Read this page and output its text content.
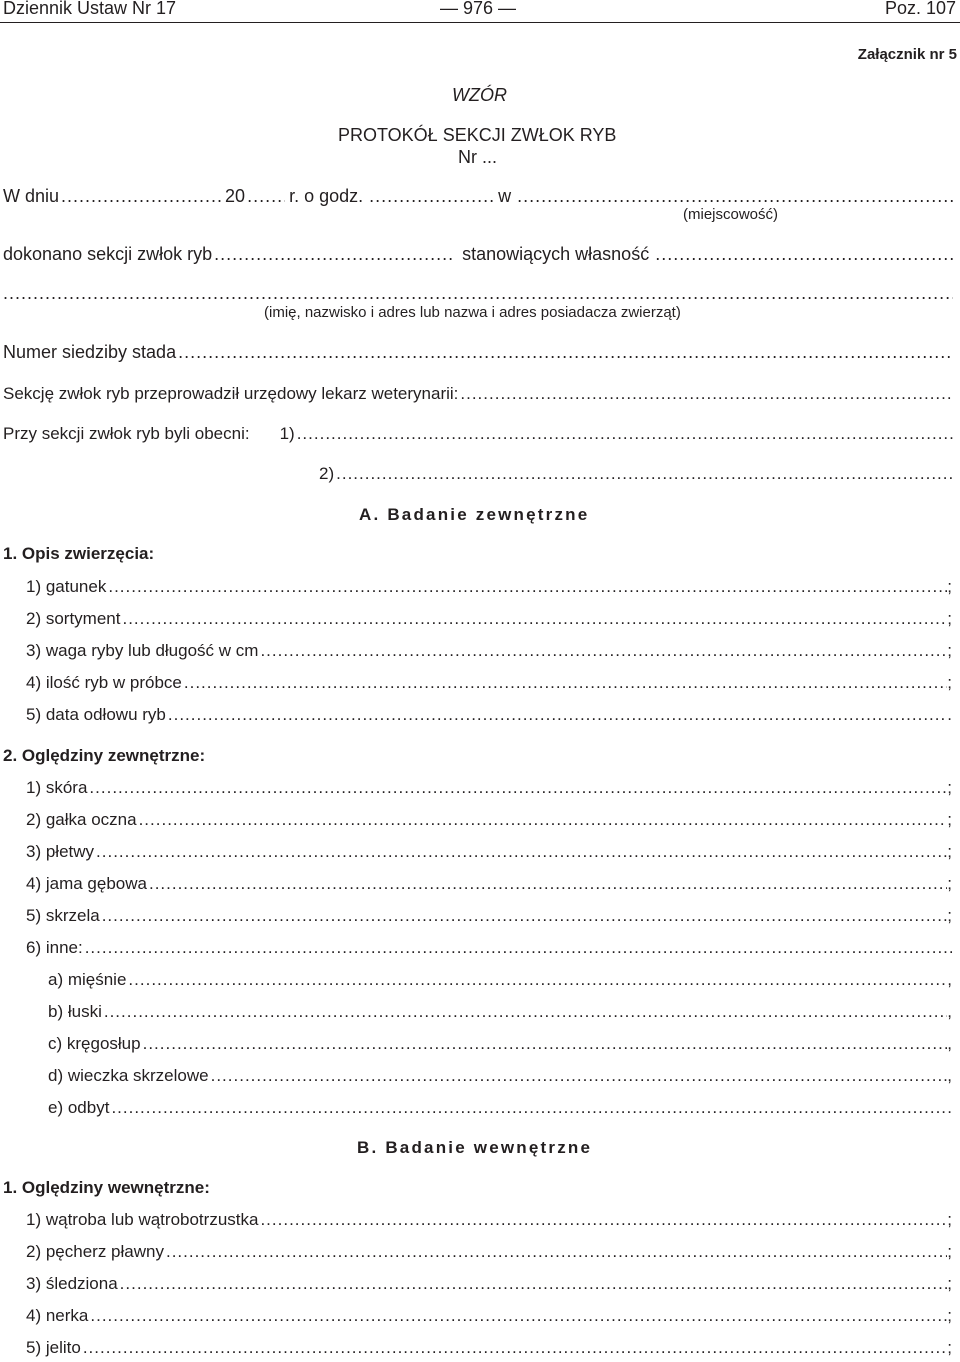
Dziennik Ustaw Nr 17	— 976 —	Poz. 107
Załącznik nr 5
WZÓR
PROTOKÓŁ SEKCJI ZWŁOK RYB
Nr ...
W dniu .....	20 ..... r. o godz. .....	w
.....
(miejscowość)
dokonano sekcji zwłok ryb .....	stanowiących własność
.....
.....
(imię, nazwisko i adres lub nazwa i adres posiadacza zwierząt)
Numer siedziby stada
.....
Sekcję zwłok ryb przeprowadził urzędowy lekarz weterynarii:
.....
Przy sekcji zwłok ryb byli obecni: 1)
.....
2)
.....
A. Badanie zewnętrzne
1. Opis zwierzęcia:
1) gatunek .....	;
2) sortyment .....	;
3) waga ryby lub długość w cm .....	;
4) ilość ryb w próbce .....	;
5) data odłowu ryb .....	.
2. Oględziny zewnętrzne:
1) skóra .....	;
2) gałka oczna .....	;
3) płetwy .....	;
4) jama gębowa .....	;
5) skrzela .....	;
6) inne:
.....
a) mięśnie .....	,
b) łuski .....	,
c) kręgosłup .....	,
d) wieczka skrzelowe .....	,
e) odbyt .....	.
B. Badanie wewnętrzne
1. Oględziny wewnętrzne:
1) wątroba lub wątrobotrzustka .....	;
2) pęcherz pławny .....	;
3) śledziona .....	;
4) nerka .....	;
5) jelito .....	;
